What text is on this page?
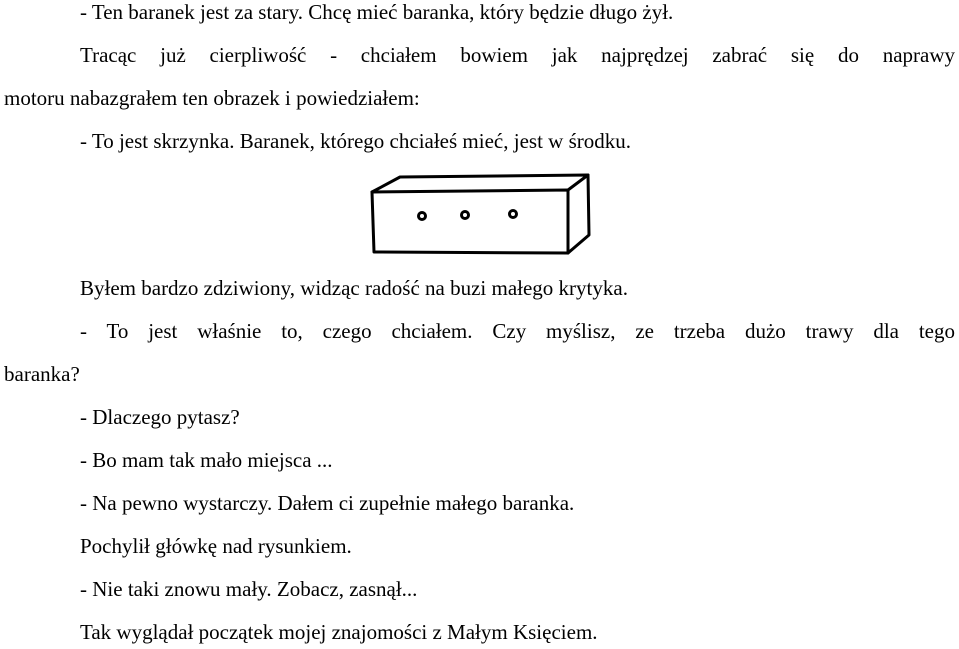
- Ten baranek jest za stary. Chcę mieć baranka, który będzie długo żył.
Tracąc już cierpliwość - chciałem bowiem jak najprędzej zabrać się do naprawy
motoru nabazgrałem ten obrazek i powiedziałem:
- To jest skrzynka. Baranek, którego chciałeś mieć, jest w środku.
Byłem bardzo zdziwiony, widząc radość na buzi małego krytyka.
- To jest właśnie to, czego chciałem. Czy myślisz, ze trzeba dużo trawy dla tego
baranka?
- Dlaczego pytasz?
- Bo mam tak mało miejsca ...
- Na pewno wystarczy. Dałem ci zupełnie małego baranka.
Pochylił główkę nad rysunkiem.
- Nie taki znowu mały. Zobacz, zasnął...
Tak wyglądał początek mojej znajomości z Małym Księciem.
